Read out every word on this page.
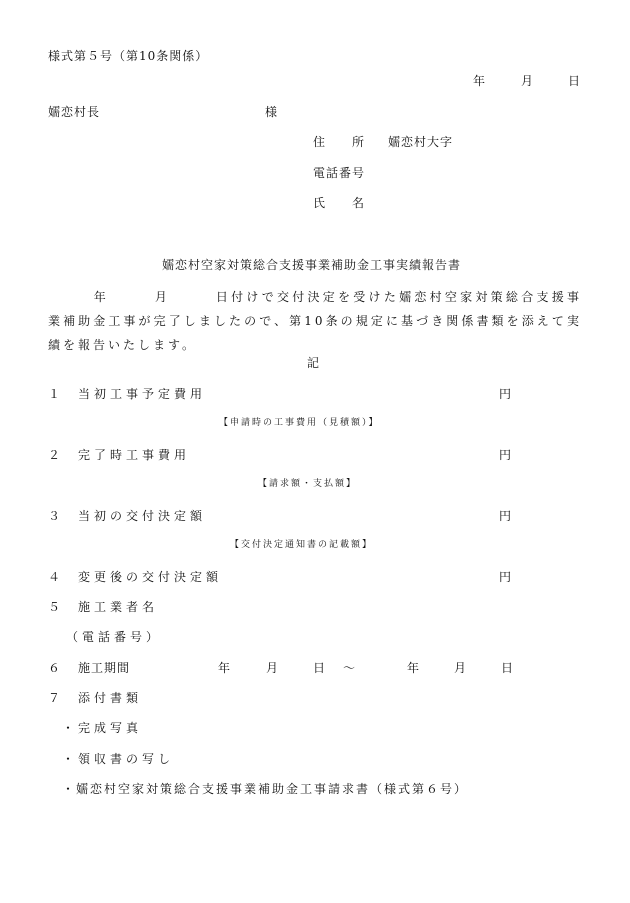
様式第５号（第10条関係）
年	月	日
嬬恋村長	様
住　　所 嬬恋村大字
電話番号
氏　　名
嬬恋村空家対策総合支援事業補助金工事実績報告書
　　　年　　　月　　　日付けで交付決定を受けた嬬恋村空家対策総合支援事業補助金工事が完了しましたので、第10条の規定に基づき関係書類を添えて実績を報告いたします。
記
１ 当初工事予定費用	円
【申請時の工事費用（見積額）】
２ 完了時工事費用	円
【請求額・支払額】
３ 当初の交付決定額	円
【交付決定通知書の記載額】
４ 変更後の交付決定額	円
５ 施工業者名
（電話番号）
６ 施工期間	年	月	日 ～	年	月	日
７ 添付書類
・完成写真
・領収書の写し
・嬬恋村空家対策総合支援事業補助金工事請求書（様式第６号）
